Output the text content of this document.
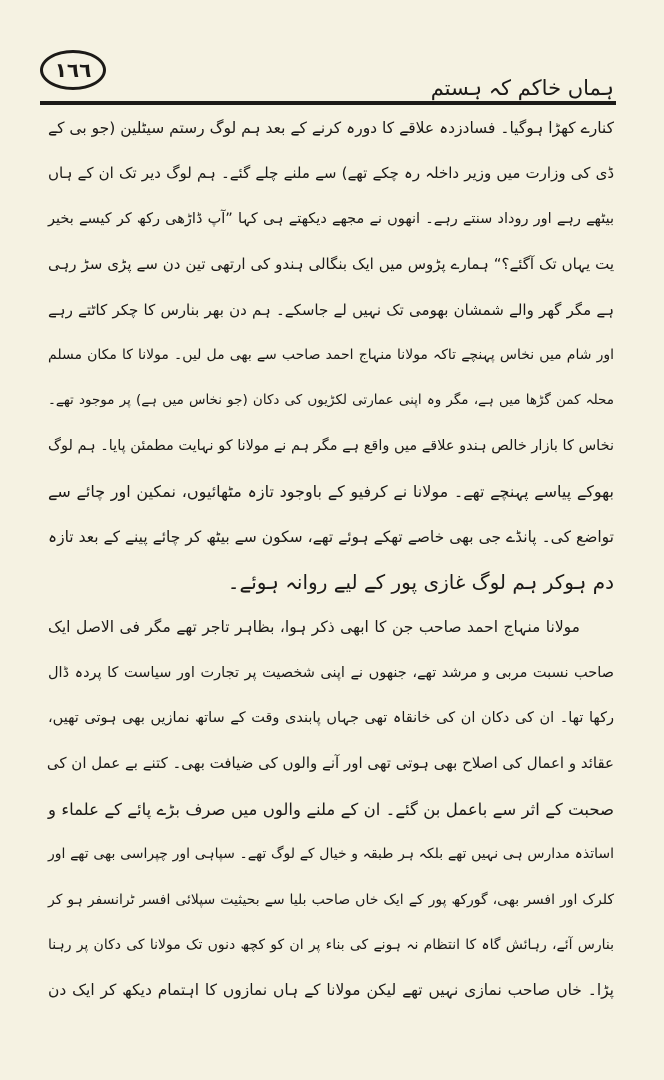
١٦٦
ہماں خاکم کہ ہستم
کنارے کھڑا ہوگیا۔ فسادزدہ علاقے کا دورہ کرنے کے بعد ہم لوگ رستم سیٹلین (جو بی کے
ڈی کی وزارت میں وزیر داخلہ رہ چکے تھے) سے ملنے چلے گئے۔ ہم لوگ دیر تک ان کے ہاں
بیٹھے رہے اور روداد سنتے رہے۔ انھوں نے مجھے دیکھتے ہی کہا ”آپ ڈاڑھی رکھ کر کیسے بخیر
یت یہاں تک آگئے؟“ ہمارے پڑوس میں ایک بنگالی ہندو کی ارتھی تین دن سے پڑی سڑ رہی
ہے مگر گھر والے شمشان بھومی تک نہیں لے جاسکے۔ ہم دن بھر بنارس کا چکر کاٹتے رہے
اور شام میں نخاس پہنچے تاکہ مولانا منہاج احمد صاحب سے بھی مل لیں۔ مولانا کا مکان مسلم
محلہ کمن گڑھا میں ہے، مگر وہ اپنی عمارتی لکڑیوں کی دکان (جو نخاس میں ہے) پر موجود تھے۔
نخاس کا بازار خالص ہندو علاقے میں واقع ہے مگر ہم نے مولانا کو نہایت مطمئن پایا۔ ہم لوگ
بھوکے پیاسے پہنچے تھے۔ مولانا نے کرفیو کے باوجود تازہ مٹھائیوں، نمکین اور چائے سے
تواضع کی۔ پانڈے جی بھی خاصے تھکے ہوئے تھے، سکون سے بیٹھ کر چائے پینے کے بعد تازہ
دم ہوکر ہم لوگ غازی پور کے لیے روانہ ہوئے۔
مولانا منہاج احمد صاحب جن کا ابھی ذکر ہوا، بظاہر تاجر تھے مگر فی الاصل ایک
صاحب نسبت مربی و مرشد تھے، جنھوں نے اپنی شخصیت پر تجارت اور سیاست کا پردہ ڈال
رکھا تھا۔ ان کی دکان ان کی خانقاہ تھی جہاں پابندی وقت کے ساتھ نمازیں بھی ہوتی تھیں،
عقائد و اعمال کی اصلاح بھی ہوتی تھی اور آنے والوں کی ضیافت بھی۔ کتنے بے عمل ان کی
صحبت کے اثر سے باعمل بن گئے۔ ان کے ملنے والوں میں صرف بڑے پائے کے علماء و
اساتذہ مدارس ہی نہیں تھے بلکہ ہر طبقہ و خیال کے لوگ تھے۔ سپاہی اور چپراسی بھی تھے اور
کلرک اور افسر بھی، گورکھ پور کے ایک خاں صاحب بلیا سے بحیثیت سپلائی افسر ٹرانسفر ہو کر
بنارس آئے، رہائش گاہ کا انتظام نہ ہونے کی بناء پر ان کو کچھ دنوں تک مولانا کی دکان پر رہنا
پڑا۔ خاں صاحب نمازی نہیں تھے لیکن مولانا کے ہاں نمازوں کا اہتمام دیکھ کر ایک دن
